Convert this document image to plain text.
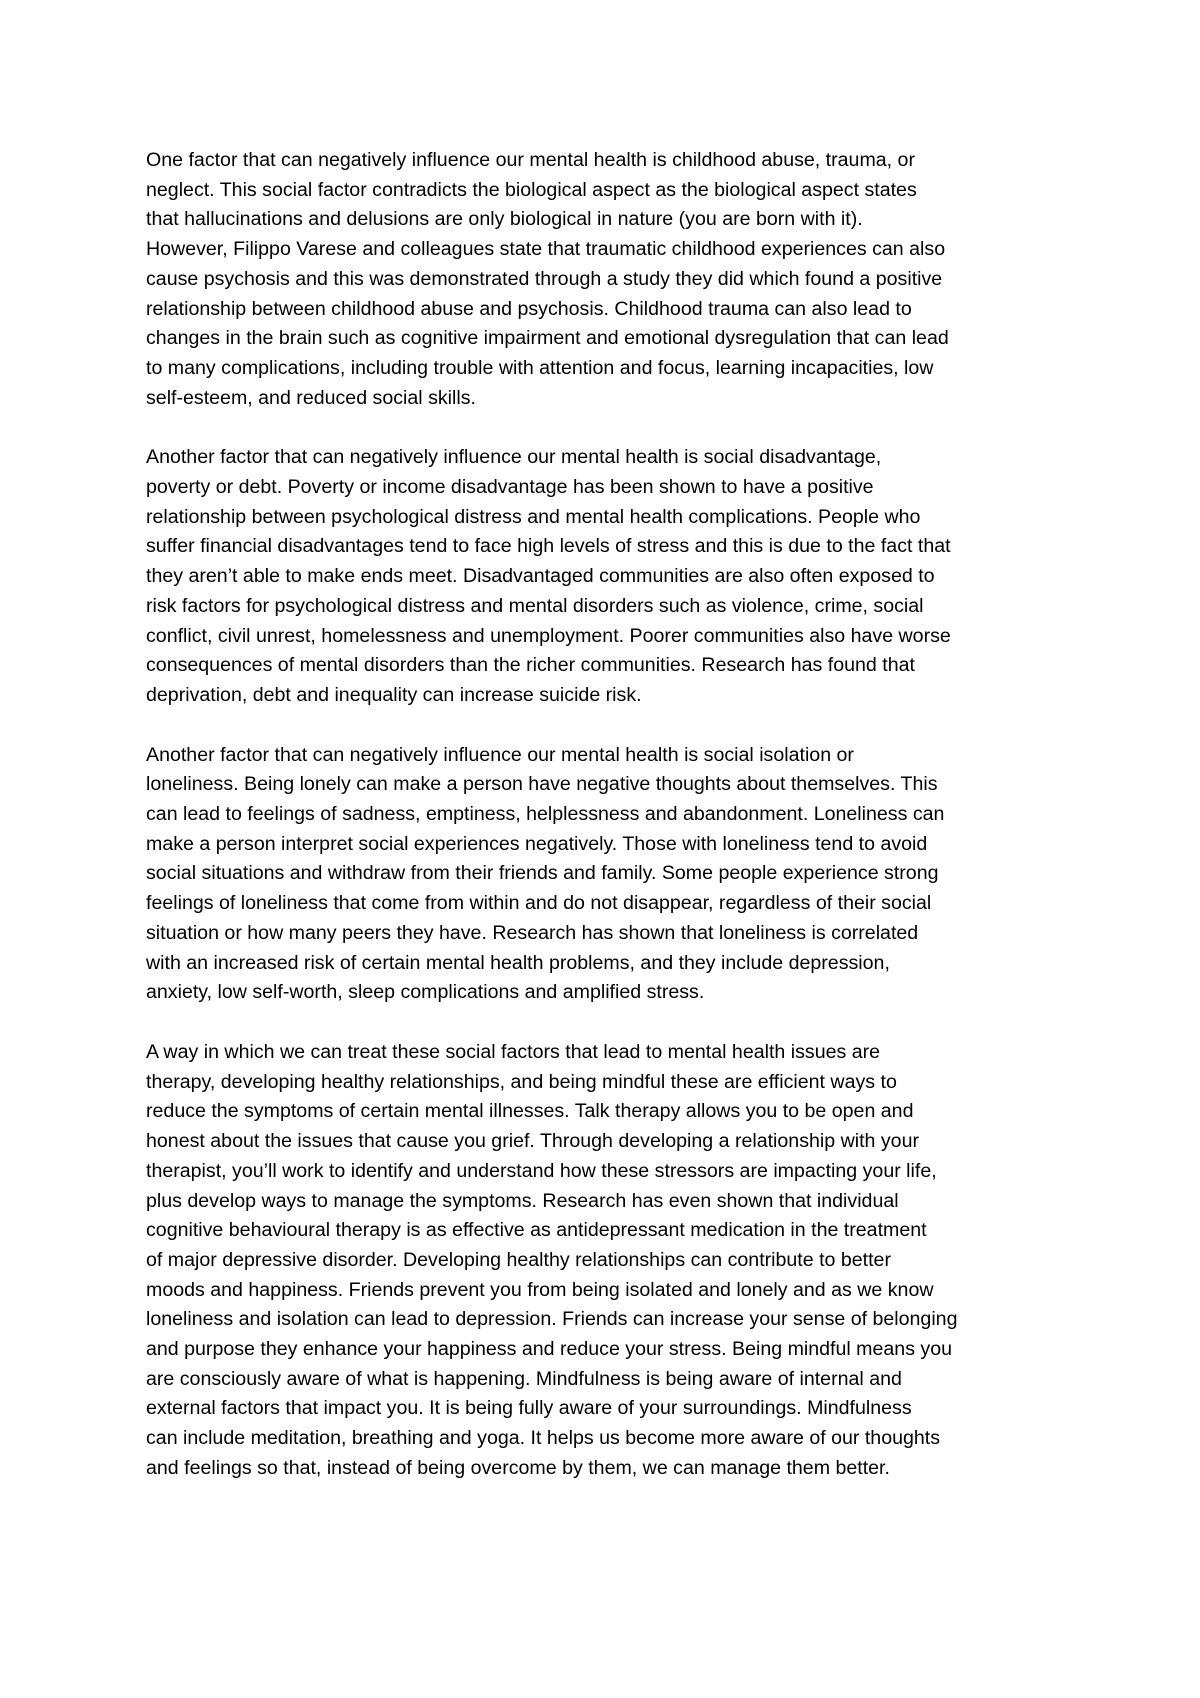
One factor that can negatively influence our mental health is childhood abuse, trauma, or
neglect. This social factor contradicts the biological aspect as the biological aspect states
that hallucinations and delusions are only biological in nature (you are born with it).
However, Filippo Varese and colleagues state that traumatic childhood experiences can also
cause psychosis and this was demonstrated through a study they did which found a positive
relationship between childhood abuse and psychosis. Childhood trauma can also lead to
changes in the brain such as cognitive impairment and emotional dysregulation that can lead
to many complications, including trouble with attention and focus, learning incapacities, low
self-esteem, and reduced social skills.

Another factor that can negatively influence our mental health is social disadvantage,
poverty or debt. Poverty or income disadvantage has been shown to have a positive
relationship between psychological distress and mental health complications. People who
suffer financial disadvantages tend to face high levels of stress and this is due to the fact that
they aren’t able to make ends meet. Disadvantaged communities are also often exposed to
risk factors for psychological distress and mental disorders such as violence, crime, social
conflict, civil unrest, homelessness and unemployment. Poorer communities also have worse
consequences of mental disorders than the richer communities. Research has found that
deprivation, debt and inequality can increase suicide risk.

Another factor that can negatively influence our mental health is social isolation or
loneliness. Being lonely can make a person have negative thoughts about themselves. This
can lead to feelings of sadness, emptiness, helplessness and abandonment. Loneliness can
make a person interpret social experiences negatively. Those with loneliness tend to avoid
social situations and withdraw from their friends and family. Some people experience strong
feelings of loneliness that come from within and do not disappear, regardless of their social
situation or how many peers they have. Research has shown that loneliness is correlated
with an increased risk of certain mental health problems, and they include depression,
anxiety, low self-worth, sleep complications and amplified stress.

A way in which we can treat these social factors that lead to mental health issues are
therapy, developing healthy relationships, and being mindful these are efficient ways to
reduce the symptoms of certain mental illnesses. Talk therapy allows you to be open and
honest about the issues that cause you grief. Through developing a relationship with your
therapist, you’ll work to identify and understand how these stressors are impacting your life,
plus develop ways to manage the symptoms. Research has even shown that individual
cognitive behavioural therapy is as effective as antidepressant medication in the treatment
of major depressive disorder. Developing healthy relationships can contribute to better
moods and happiness. Friends prevent you from being isolated and lonely and as we know
loneliness and isolation can lead to depression. Friends can increase your sense of belonging
and purpose they enhance your happiness and reduce your stress. Being mindful means you
are consciously aware of what is happening. Mindfulness is being aware of internal and
external factors that impact you. It is being fully aware of your surroundings. Mindfulness
can include meditation, breathing and yoga. It helps us become more aware of our thoughts
and feelings so that, instead of being overcome by them, we can manage them better.
